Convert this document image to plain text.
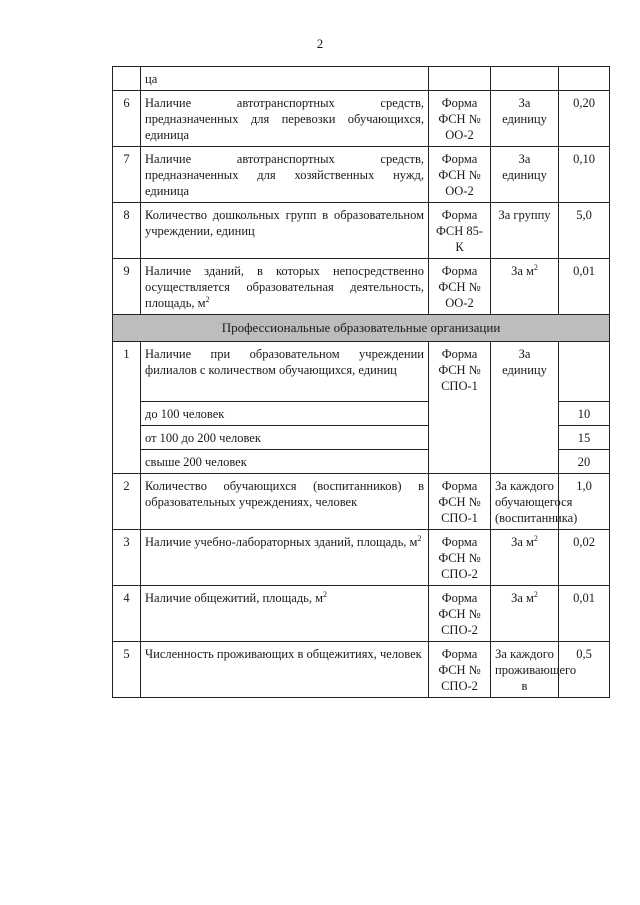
2
	ца			
6	Наличие автотранспортных средств, предназначенных для перевозки обучающихся, единица	Форма ФСН № ОО-2	За единицу	0,20
7	Наличие автотранспортных средств, предназначенных для хозяйственных нужд, единица	Форма ФСН № ОО-2	За единицу	0,10
8	Количество дошкольных групп в образовательном учреждении, единиц	Форма ФСН 85-К	За группу	5,0
9	Наличие зданий, в которых непосредственно осуществляется образовательная деятельность, площадь, $м^2$	Форма ФСН № ОО-2	За $м^2$	0,01
Профессиональные образовательные организации				
1	Наличие при образовательном учреждении филиалов с количеством обучающихся, единиц	Форма ФСН № СПО-1	За единицу	
	до 100 человек			10
	от 100 до 200 человек			15
	свыше 200 человек			20
2	Количество обучающихся (воспитанников) в образовательных учреждениях, человек	Форма ФСН № СПО-1	За каждого обучающегося (воспитанника)	1,0
3	Наличие учебно-лабораторных зданий, площадь, $м^2$	Форма ФСН № СПО-2	За $м^2$	0,02
4	Наличие общежитий, площадь, $м^2$	Форма ФСН № СПО-2	За $м^2$	0,01
5	Численность проживающих в общежитиях, человек	Форма ФСН № СПО-2	За каждого проживающего в	0,5
